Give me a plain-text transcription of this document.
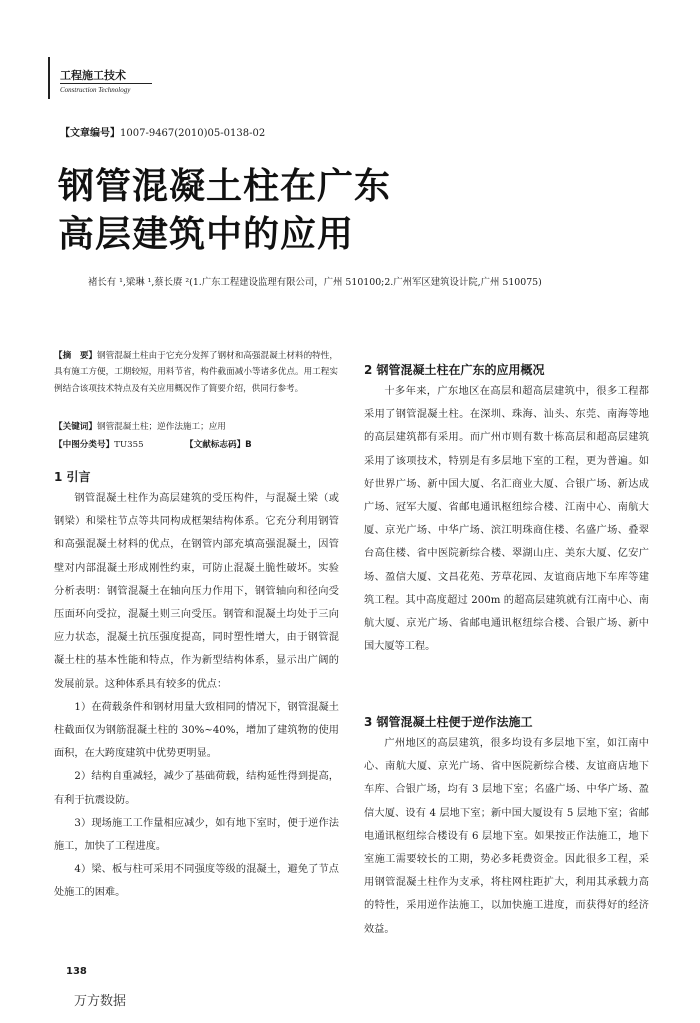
工程施工技术
Construction Technology
【文章编号】1007-9467(2010)05-0138-02
钢管混凝土柱在广东
高层建筑中的应用
褚长有 ¹,梁琳 ¹,蔡长赓 ²(1.广东工程建设监理有限公司，广州 510100;2.广州军区建筑设计院,广州 510075)
【摘　要】钢管混凝土柱由于它充分发挥了钢材和高强混凝土材料的特性，具有施工方便，工期较短，用料节省，构件截面减小等诸多优点。用工程实例结合该项技术特点及有关应用概况作了简要介绍，供同行参考。
【关键词】钢管混凝土柱；逆作法施工；应用
【中图分类号】TU355	【文献标志码】B
1 引言

钢管混凝土柱作为高层建筑的受压构件，与混凝土梁（或钢梁）和梁柱节点等共同构成框架结构体系。它充分利用钢管和高强混凝土材料的优点，在钢管内部充填高强混凝土，因管壁对内部混凝土形成刚性约束，可防止混凝土脆性破坏。实验分析表明：钢管混凝土在轴向压力作用下，钢管轴向和径向受压面环向受拉，混凝土则三向受压。钢管和混凝土均处于三向应力状态，混凝土抗压强度提高，同时塑性增大，由于钢管混凝土柱的基本性能和特点，作为新型结构体系，显示出广阔的发展前景。这种体系具有较多的优点：

1）在荷载条件和钢材用量大致相同的情况下，钢管混凝土柱截面仅为钢筋混凝土柱的 30%~40%，增加了建筑物的使用面积，在大跨度建筑中优势更明显。

2）结构自重减轻，减少了基础荷载，结构延性得到提高，有利于抗震设防。

3）现场施工工作量相应减少，如有地下室时，便于逆作法施工，加快了工程进度。

4）梁、板与柱可采用不同强度等级的混凝土，避免了节点处施工的困难。

2 钢管混凝土柱在广东的应用概况

十多年来，广东地区在高层和超高层建筑中，很多工程都采用了钢管混凝土柱。在深圳、珠海、汕头、东莞、南海等地的高层建筑都有采用。而广州市则有数十栋高层和超高层建筑采用了该项技术，特别是有多层地下室的工程，更为普遍。如好世界广场、新中国大厦、名汇商业大厦、合银广场、新达成广场、冠军大厦、省邮电通讯枢纽综合楼、江南中心、南航大厦、京光广场、中华广场、滨江明珠商住楼、名盛广场、叠翠台高住楼、省中医院新综合楼、翠湖山庄、美东大厦、亿安广场、盈信大厦、文昌花苑、芳草花园、友谊商店地下车库等建筑工程。其中高度超过 200m 的超高层建筑就有江南中心、南航大厦、京光广场、省邮电通讯枢纽综合楼、合银广场、新中国大厦等工程。

3 钢管混凝土柱便于逆作法施工

广州地区的高层建筑，很多均设有多层地下室，如江南中心、南航大厦、京光广场、省中医院新综合楼、友谊商店地下车库、合银广场，均有 3 层地下室；名盛广场、中华广场、盈信大厦、设有 4 层地下室；新中国大厦设有 5 层地下室；省邮电通讯枢纽综合楼设有 6 层地下室。如果按正作法施工，地下室施工需要较长的工期，势必多耗费资金。因此很多工程，采用钢管混凝土柱作为支承，将柱网柱距扩大，利用其承载力高的特性，采用逆作法施工，以加快施工进度，而获得好的经济效益。

138
万方数据
